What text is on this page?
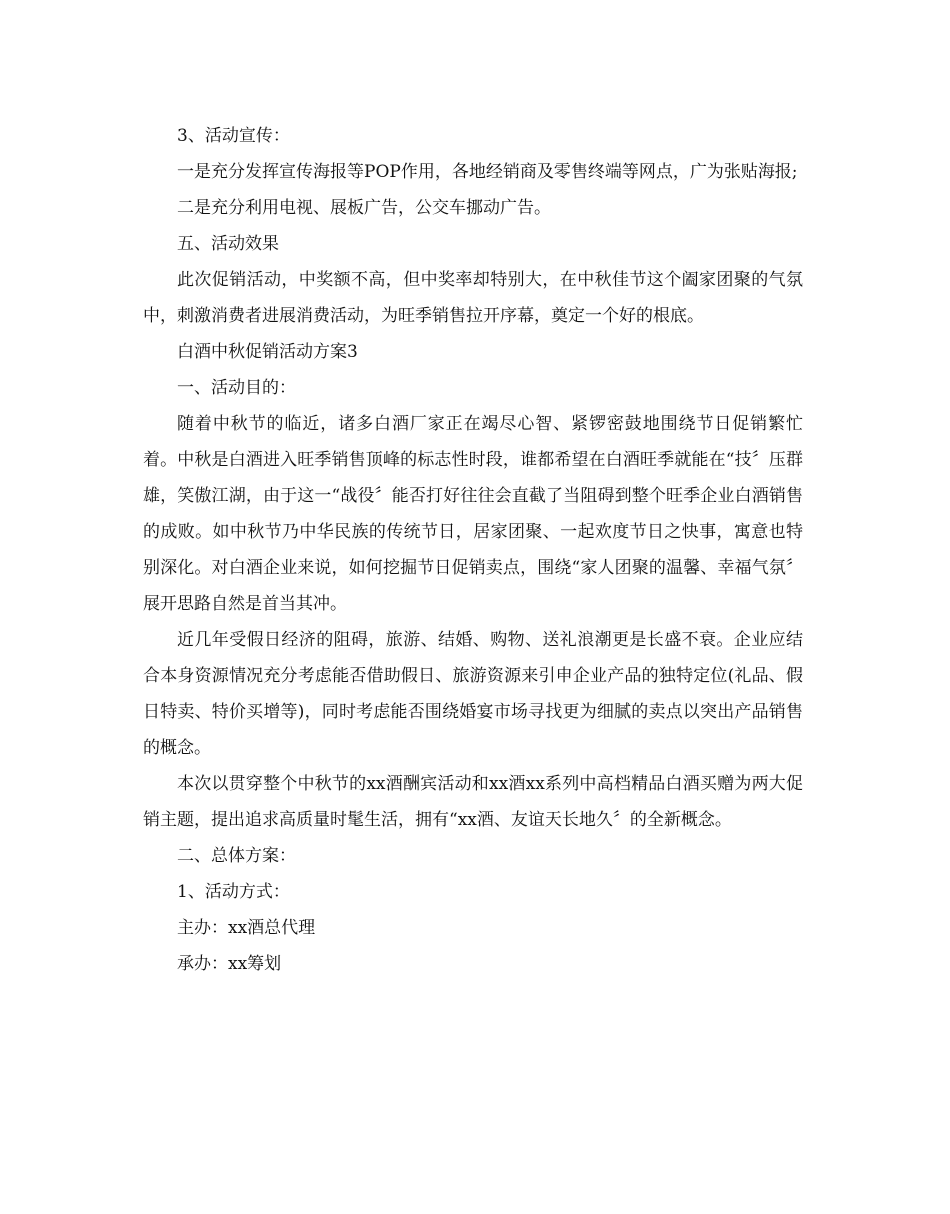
3、活动宣传：

一是充分发挥宣传海报等POP作用，各地经销商及零售终端等网点，广为张贴海报;

二是充分利用电视、展板广告，公交车挪动广告。

五、活动效果

此次促销活动，中奖额不高，但中奖率却特别大，在中秋佳节这个阖家团聚的气氛中，刺激消费者进展消费活动，为旺季销售拉开序幕，奠定一个好的根底。

白酒中秋促销活动方案3

一、活动目的：

随着中秋节的临近，诸多白酒厂家正在竭尽心智、紧锣密鼓地围绕节日促销繁忙着。中秋是白酒进入旺季销售顶峰的标志性时段，谁都希望在白酒旺季就能在“技〞压群雄，笑傲江湖，由于这一“战役〞能否打好往往会直截了当阻碍到整个旺季企业白酒销售的成败。如中秋节乃中华民族的传统节日，居家团聚、一起欢度节日之快事，寓意也特别深化。对白酒企业来说，如何挖掘节日促销卖点，围绕“家人团聚的温馨、幸福气氛〞展开思路自然是首当其冲。

近几年受假日经济的阻碍，旅游、结婚、购物、送礼浪潮更是长盛不衰。企业应结合本身资源情况充分考虑能否借助假日、旅游资源来引申企业产品的独特定位(礼品、假日特卖、特价买增等)，同时考虑能否围绕婚宴市场寻找更为细腻的卖点以突出产品销售的概念。

本次以贯穿整个中秋节的xx酒酬宾活动和xx酒xx系列中高档精品白酒买赠为两大促销主题，提出追求高质量时髦生活，拥有“xx酒、友谊天长地久〞的全新概念。

二、总体方案：

1、活动方式：

主办：xx酒总代理

承办：xx筹划
